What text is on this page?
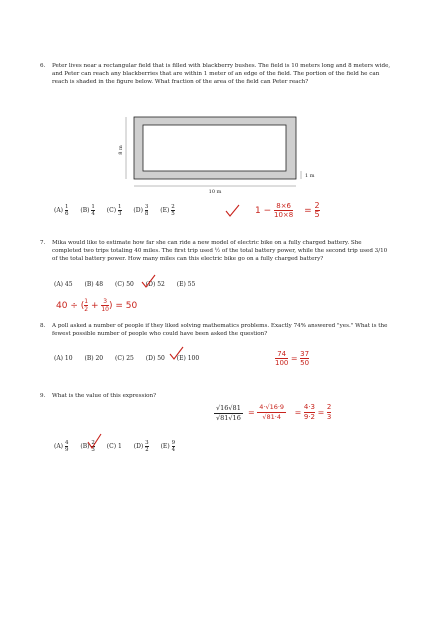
6. Peter lives near a rectangular field that is filled with blackberry bushes. The field is 10 meters long and 8 meters wide, and Peter can reach any blackberries that are within 1 meter of an edge of the field. The portion of the field he can reach is shaded in the figure below. What fraction of the area of the field can Peter reach?

8 m
10 m
1 m
$(A) \frac{1}{6} (B) \frac{1}{4} (C) \frac{1}{3} (D) \frac{3}{8} (E) \frac{2}{5}$	$1 - \frac{8\times 6}{10\times 8} = \frac{2}{5}$
7. Mika would like to estimate how far she can ride a new model of electric bike on a fully charged battery. She completed two trips totaling 40 miles. The first trip used ½ of the total battery power, while the second trip used 3/10 of the total battery power. How many miles can this electric bike go on a fully charged battery?

(A) 45 (B) 48 (C) 50 (D) 52 (E) 55
40 ÷ ( $\frac{1}{2} + \frac{3}{10}$ ) = 50
8. A poll asked a number of people if they liked solving mathematics problems. Exactly 74% answered "yes." What is the fewest possible number of people who could have been asked the question?

(A) 10 (B) 20 (C) 25 (D) 50 (E) 100	$\frac{74}{100} = \frac{37}{50}$
9. What is the value of this expression?

$\frac{√16√81}{√81√16} = \frac{4\cdot√16\cdot 9}{√81\cdot 4} = \frac{4\cdot 3}{9\cdot 2} = \frac{2}{3}$
$(A) \frac{4}{9} (B) \frac{2}{3} (C)$ 1 $(D) \frac{3}{2} (E) \frac{9}{4}$
